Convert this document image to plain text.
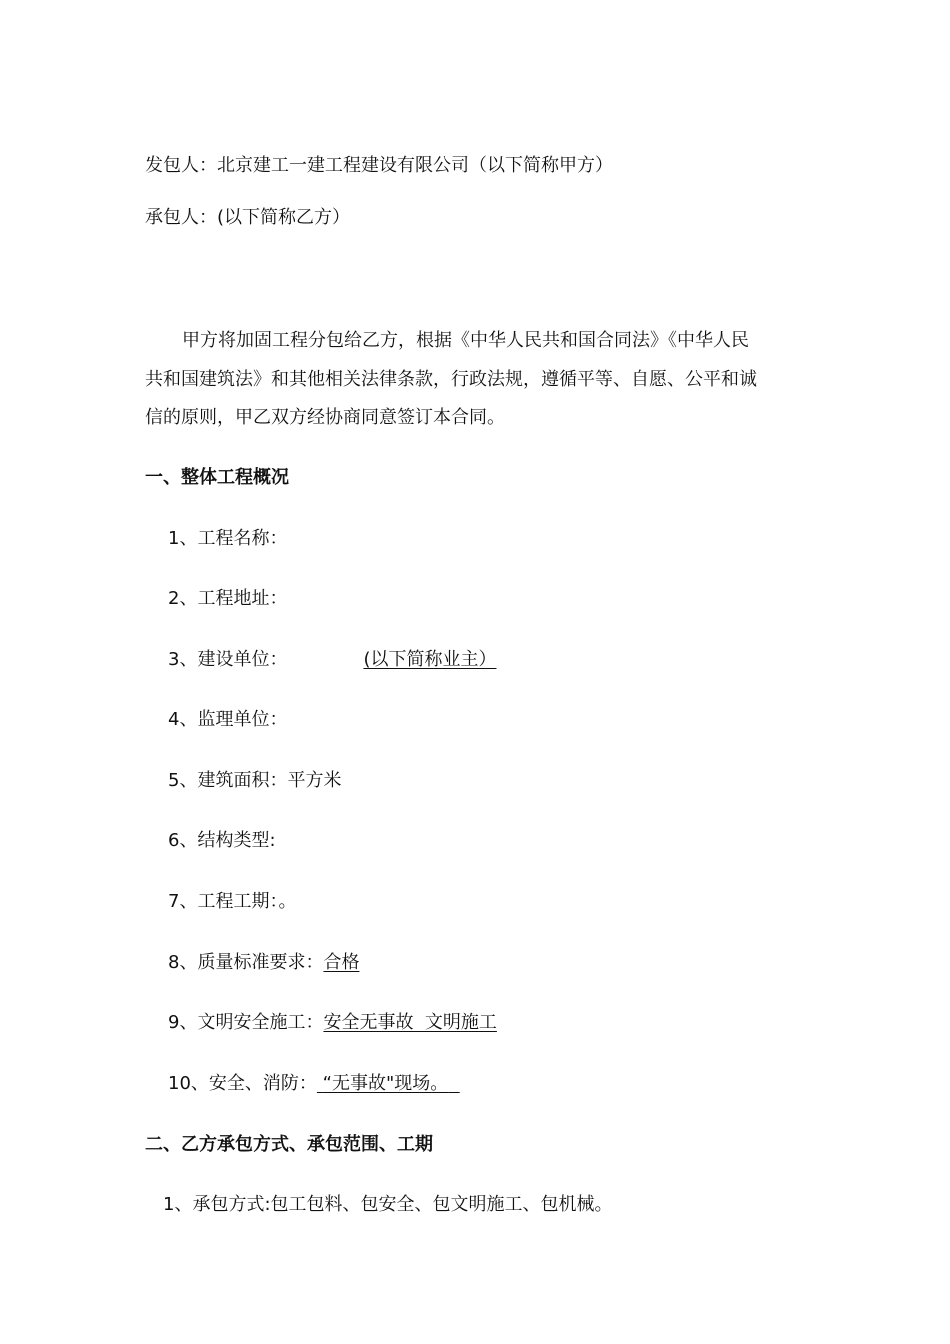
发包人：北京建工一建工程建设有限公司（以下简称甲方）
承包人：(以下简称乙方）
甲方将加固工程分包给乙方，根据《中华人民共和国合同法》《中华人民
共和国建筑法》和其他相关法律条款，行政法规，遵循平等、自愿、公平和诚
信的原则，甲乙双方经协商同意签订本合同。
一、整体工程概况
1、工程名称：
2、工程地址：
3、建设单位：	(以下简称业主）
4、监理单位：
5、建筑面积：平方米
6、结构类型:
7、工程工期：。
8、质量标准要求：合格
9、文明安全施工：安全无事故  文明施工
10、安全、消防： “无事故"现场。
二、乙方承包方式、承包范围、工期
1、承包方式:包工包料、包安全、包文明施工、包机械。
